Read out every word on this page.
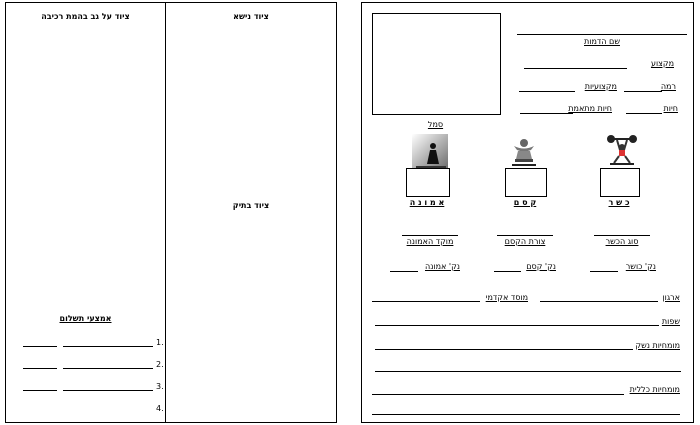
ציוד על גב בהמת רכיבה	ציוד נישא
ציוד בתיק
אמצעי תשלום
1.
2.
3.
4.
שם הדמות
מקצוע
מקצועיות	רמה
חיות מתאמת	חיות
סמל
א מ ו נ ה	ק ס ם	כ ש ר
מוקד האמונה	צורת הקסם	סוג הכשר
נק' אמונה	נק' קסם	נק' כושר
מוסד אקדמי	ארגון
שפות
מומחיות נשק
מומחיות כללית
